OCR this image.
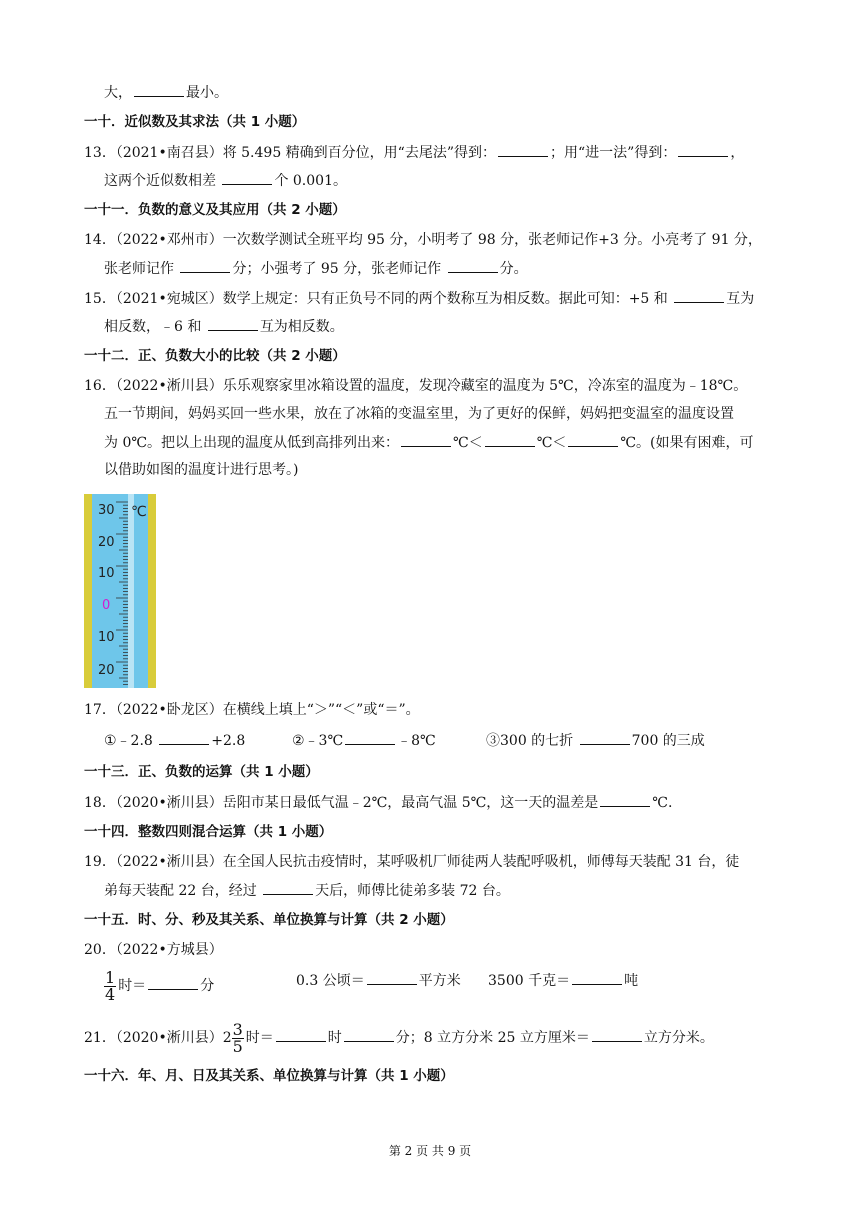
大，	最小。
一十．近似数及其求法（共 1 小题）
13．（2021•南召县）将 5.495 精确到百分位，用“去尾法”得到：	；用“进一法”得到：	，
这两个近似数相差	个 0.001。
一十一．负数的意义及其应用（共 2 小题）
14．（2022•邓州市）一次数学测试全班平均 95 分，小明考了 98 分，张老师记作+3 分。小亮考了 91 分，
张老师记作	分；小强考了 95 分，张老师记作	分。
15．（2021•宛城区）数学上规定：只有正负号不同的两个数称互为相反数。据此可知：+5 和	互为
相反数，﹣6 和	互为相反数。
一十二．正、负数大小的比较（共 2 小题）
16．（2022•淅川县）乐乐观察家里冰箱设置的温度，发现冷藏室的温度为 5℃，冷冻室的温度为﹣18℃。
五一节期间，妈妈买回一些水果，放在了冰箱的变温室里，为了更好的保鲜，妈妈把变温室的温度设置
为 0℃。把以上出现的温度从低到高排列出来：	℃＜	℃＜	℃。(如果有困难，可
以借助如图的温度计进行思考。)
℃
30
20
10
0
10
20
17．（2022•卧龙区）在横线上填上“＞”“＜”或“＝”。
①﹣2.8	+2.8	②﹣3℃	﹣8℃	③300 的七折	700 的三成
一十三．正、负数的运算（共 1 小题）
18．（2020•淅川县）岳阳市某日最低气温﹣2℃，最高气温 5℃，这一天的温差是	℃.
一十四．整数四则混合运算（共 1 小题）
19．（2022•淅川县）在全国人民抗击疫情时，某呼吸机厂师徒两人装配呼吸机，师傅每天装配 31 台，徒
弟每天装配 22 台，经过	天后，师傅比徒弟多装 72 台。
一十五．时、分、秒及其关系、单位换算与计算（共 2 小题）
20．（2022•方城县）
$\frac{1}{4}$ 时＝	分	0.3 公顷＝	平方米 3500 千克＝	吨
21．（2020•淅川县）$2 \frac{3}{5}$ 时＝	时	分；8 立方分米 25 立方厘米＝	立方分米。
一十六．年、月、日及其关系、单位换算与计算（共 1 小题）
第 2 页 共 9 页
